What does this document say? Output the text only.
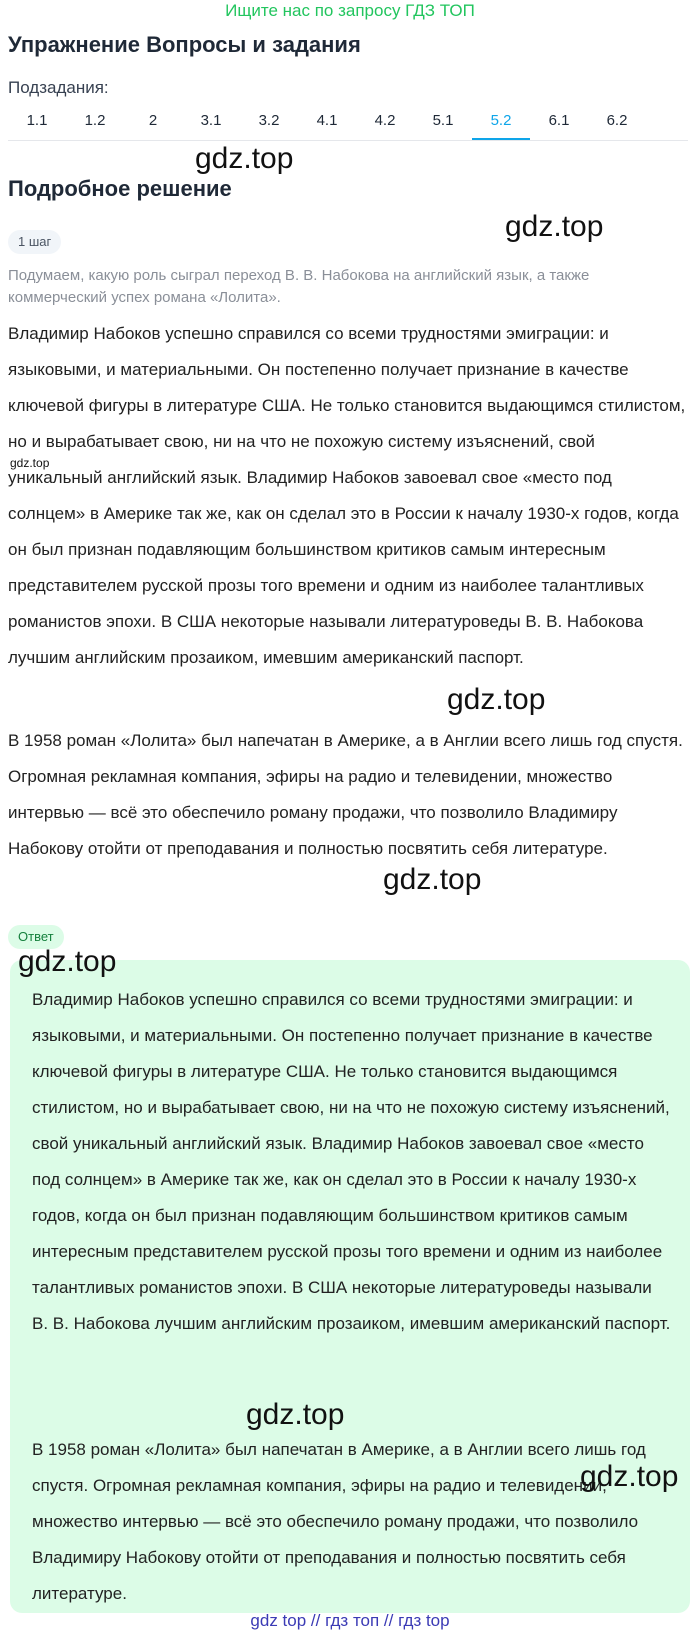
Ищите нас по запросу ГДЗ ТОП
Упражнение Вопросы и задания
Подзадания:
1.1	1.2	2	3.1	3.2	4.1	4.2	5.1	5.2	6.1	6.2
gdz.top
Подробное решение
gdz.top
1 шаг
Подумаем, какую роль сыграл переход В. В. Набокова на английский язык, а также коммерческий успех романа «Лолита».
Владимир Набоков успешно справился со всеми трудностями эмиграции: и языковыми, и материальными. Он постепенно получает признание в качестве ключевой фигуры в литературе США. Не только становится выдающимся стилистом, но и вырабатывает свою, ни на что не похожую систему изъяснений, свой уникальный английский язык. Владимир Набоков завоевал свое «место под солнцем» в Америке так же, как он сделал это в России к началу 1930-х годов, когда он был признан подавляющим большинством критиков самым интересным представителем русской прозы того времени и одним из наиболее талантливых романистов эпохи. В США некоторые называли литературоведы В. В. Набокова лучшим английским прозаиком, имевшим американский паспорт.
gdz.top
gdz.top
В 1958 роман «Лолита» был напечатан в Америке, а в Англии всего лишь год спустя. Огромная рекламная компания, эфиры на радио и телевидении, множество интервью — всё это обеспечило роману продажи, что позволило Владимиру Набокову отойти от преподавания и полностью посвятить себя литературе.
gdz.top
Ответ
gdz.top
Владимир Набоков успешно справился со всеми трудностями эмиграции: и языковыми, и материальными. Он постепенно получает признание в качестве ключевой фигуры в литературе США. Не только становится выдающимся стилистом, но и вырабатывает свою, ни на что не похожую систему изъяснений, свой уникальный английский язык. Владимир Набоков завоевал свое «место под солнцем» в Америке так же, как он сделал это в России к началу 1930-х годов, когда он был признан подавляющим большинством критиков самым интересным представителем русской прозы того времени и одним из наиболее талантливых романистов эпохи. В США некоторые литературоведы называли В. В. Набокова лучшим английским прозаиком, имевшим американский паспорт.
gdz.top
В 1958 роман «Лолита» был напечатан в Америке, а в Англии всего лишь год спустя. Огромная рекламная компания, эфиры на радио и телевидении, множество интервью — всё это обеспечило роману продажи, что позволило Владимиру Набокову отойти от преподавания и полностью посвятить себя литературе.
gdz.top
gdz top // гдз топ // гдз top
